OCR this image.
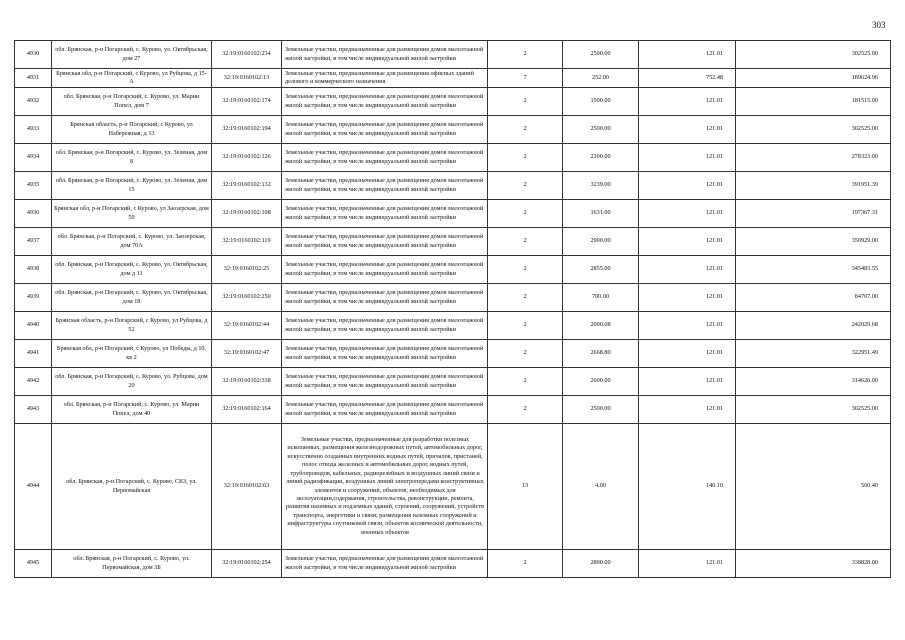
303
4930	обл. Брянская, р-н Погарский, с. Курово, ул. Октябрьская, дом 27	32:19:0160102:234	Земельные участки, предназначенные для размещения домов малоэтажной жилой застройки, в том числе индивидуальной жилой застройки	2	2500.00	121.01	302525.00
4931	Брянская обл, р-н Погарский, с Курово, ул Рубцова, д 15-А	32:19:0160102:13	Земельные участки, предназначенные для размещения офисных зданий делового и коммерческого назначения	7	252.00	752.48	189624.96
4932	обл. Брянская, р-н Погарский, с. Курово, ул. Марии Попел, дом 7	32:19:0160102:174	Земельные участки, предназначенные для размещения домов малоэтажной жилой застройки, в том числе индивидуальной жилой застройки	2	1500.00	121.01	181515.00
4933	Брянская область, р-н Погарский, с Курово, ул Набережная, д 13	32:19:0160102:194	Земельные участки, предназначенные для размещения домов малоэтажной жилой застройки, в том числе индивидуальной жилой застройки	2	2500.00	121.01	302525.00
4934	обл. Брянская, р-н Погарский, с. Курово, ул. Зеленая, дом 8	32:19:0160102:126	Земельные участки, предназначенные для размещения домов малоэтажной жилой застройки, в том числе индивидуальной жилой застройки	2	2300.00	121.01	278323.00
4935	обл. Брянская, р-н Погарский, с. Курово, ул. Зеленая, дом 15	32:19:0160102:132	Земельные участки, предназначенные для размещения домов малоэтажной жилой застройки, в том числе индивидуальной жилой застройки	2	3239.00	121.01	391951.39
4936	Брянская обл, р-н Погарский, с Курово, ул Заозерская, дом 50	32:19:0160102:108	Земельные участки, предназначенные для размещения домов малоэтажной жилой застройки, в том числе индивидуальной жилой застройки	2	1631.00	121.01	197367.31
4937	обл. Брянская, р-н Погарский, с. Курово, ул. Заозерская, дом 70А	32:19:0160102:119	Земельные участки, предназначенные для размещения домов малоэтажной жилой застройки, в том числе индивидуальной жилой застройки	2	2900.00	121.01	350929.00
4938	обл. Брянская, р-н Погарский, с. Курово, ул. Октябрьская, дом д 11	32:19:0160102:25	Земельные участки, предназначенные для размещения домов малоэтажной жилой застройки, в том числе индивидуальной жилой застройки	2	2855.00	121.01	345483.55
4939	обл. Брянская, р-н Погарский, с. Курово, ул. Октябрьская, дом 18	32:19:0160102:250	Земельные участки, предназначенные для размещения домов малоэтажной жилой застройки, в том числе индивидуальной жилой застройки	2	700.00	121.01	84707.00
4940	Брянская область, р-н Погарский, с Курово, ул Рубцова, д 52	32:19:0160102:44	Земельные участки, предназначенные для размещения домов малоэтажной жилой застройки, в том числе индивидуальной жилой застройки	2	2000.08	121.01	242029.68
4941	Брянская обл, р-н Погарский, с Курово, ул Победы, д 10, кв 2	32:19:0160102:47	Земельные участки, предназначенные для размещения домов малоэтажной жилой застройки, в том числе индивидуальной жилой застройки	2	2668.80	121.01	322951.49
4942	обл. Брянская, р-н Погарский, с. Курово, ул. Рубцова, дом 20	32:19:0160102:338	Земельные участки, предназначенные для размещения домов малоэтажной жилой застройки, в том числе индивидуальной жилой застройки	2	2600.00	121.01	314626.00
4943	обл. Брянская, р-н Погарский, с. Курово, ул. Марии Попел, дом 40	32:19:0160102:164	Земельные участки, предназначенные для размещения домов малоэтажной жилой застройки, в том числе индивидуальной жилой застройки	2	2500.00	121.01	302525.00
4944	обл. Брянская, р-н Погарский, с. Курово, СКЗ, ул. Первомайская	32:19:0160102:63	Земельные участки, предназначенные для разработки полезных ископаемых, размещения железнодорожных путей, автомобильных дорог, искусственно созданных внутренних водных путей, причалов, пристаней, полос отвода железных и автомобильных дорог, водных путей, трубопроводов, кабельных, радиорелейных и воздушных линий связи и линий радиофикации, воздушных линий электропередачи конструктивных элементов и сооружений, объектов, необходимых для эксплуатации,содержания, строительства, реконструкции, ремонта, развития наземных и подземных зданий, строений, сооружений, устройств транспорта, энергетики и связи; размещения наземных сооружений и инфраструктуры спутниковой связи, объектов космической деятельности, военных объектов	13	4.00	140.10	560.40
4945	обл. Брянская, р-н Погарский, с. Курово, ул. Первомайская, дом 3Б	32:19:0160102:254	Земельные участки, предназначенные для размещения домов малоэтажной жилой застройки, в том числе индивидуальной жилой застройки	2	2800.00	121.01	338828.00
